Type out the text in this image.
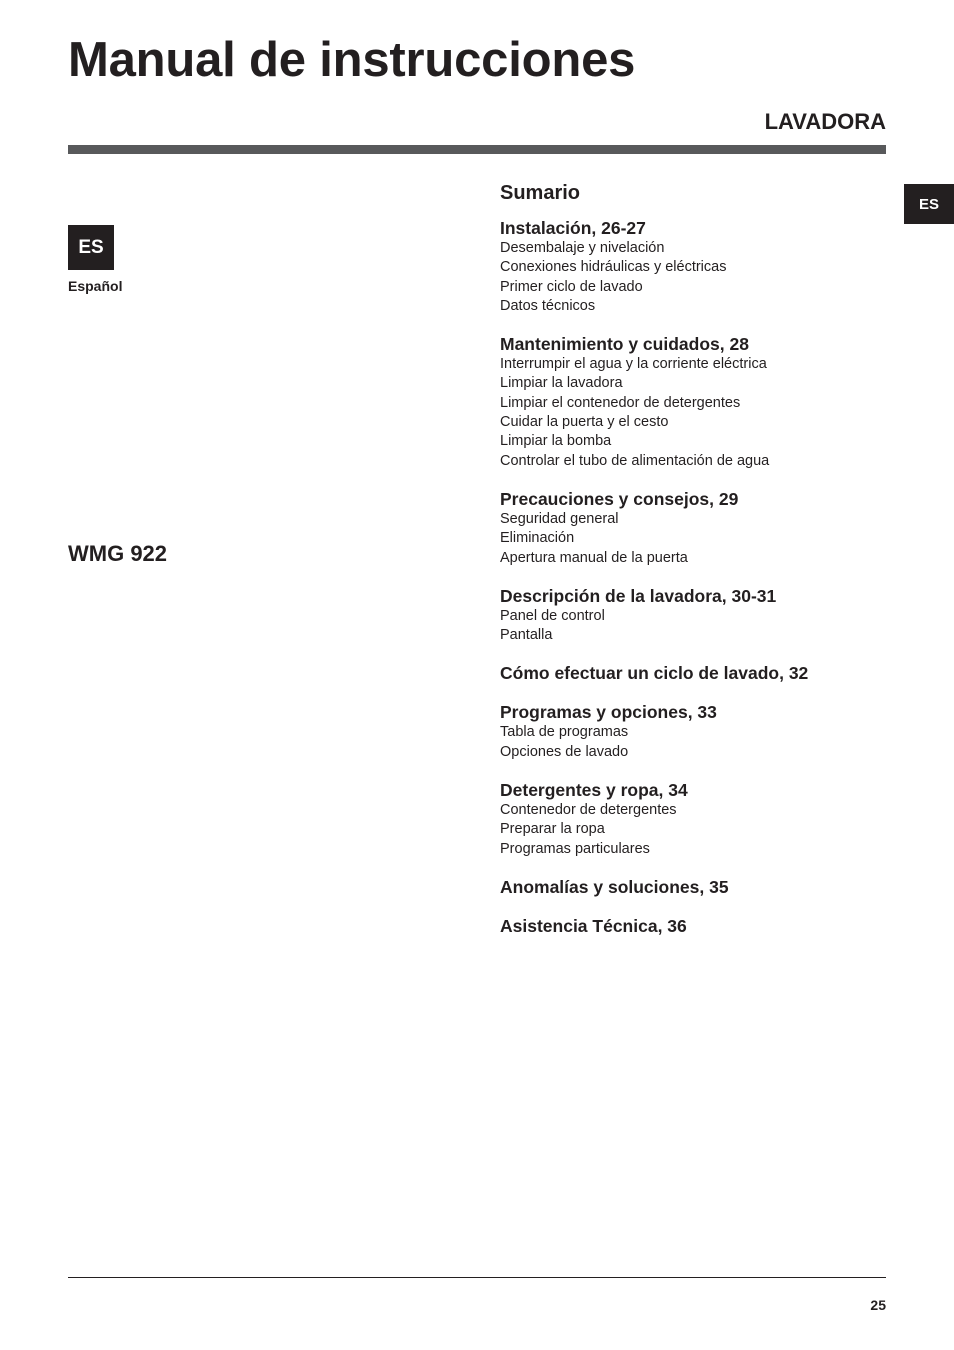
Manual de instrucciones
LAVADORA
ES
Español
ES
WMG 922
Sumario
Instalación, 26-27
Desembalaje y nivelación
Conexiones hidráulicas y eléctricas
Primer ciclo de lavado
Datos técnicos
Mantenimiento y cuidados, 28
Interrumpir el agua y la corriente eléctrica
Limpiar la lavadora
Limpiar el contenedor de detergentes
Cuidar la puerta y el cesto
Limpiar la bomba
Controlar el tubo de alimentación de agua
Precauciones y consejos, 29
Seguridad general
Eliminación
Apertura manual de la puerta
Descripción de la lavadora, 30-31
Panel de control
Pantalla
Cómo efectuar un ciclo de lavado, 32
Programas y opciones, 33
Tabla de programas
Opciones de lavado
Detergentes y ropa, 34
Contenedor de detergentes
Preparar la ropa
Programas particulares
Anomalías y soluciones, 35
Asistencia Técnica, 36
25
